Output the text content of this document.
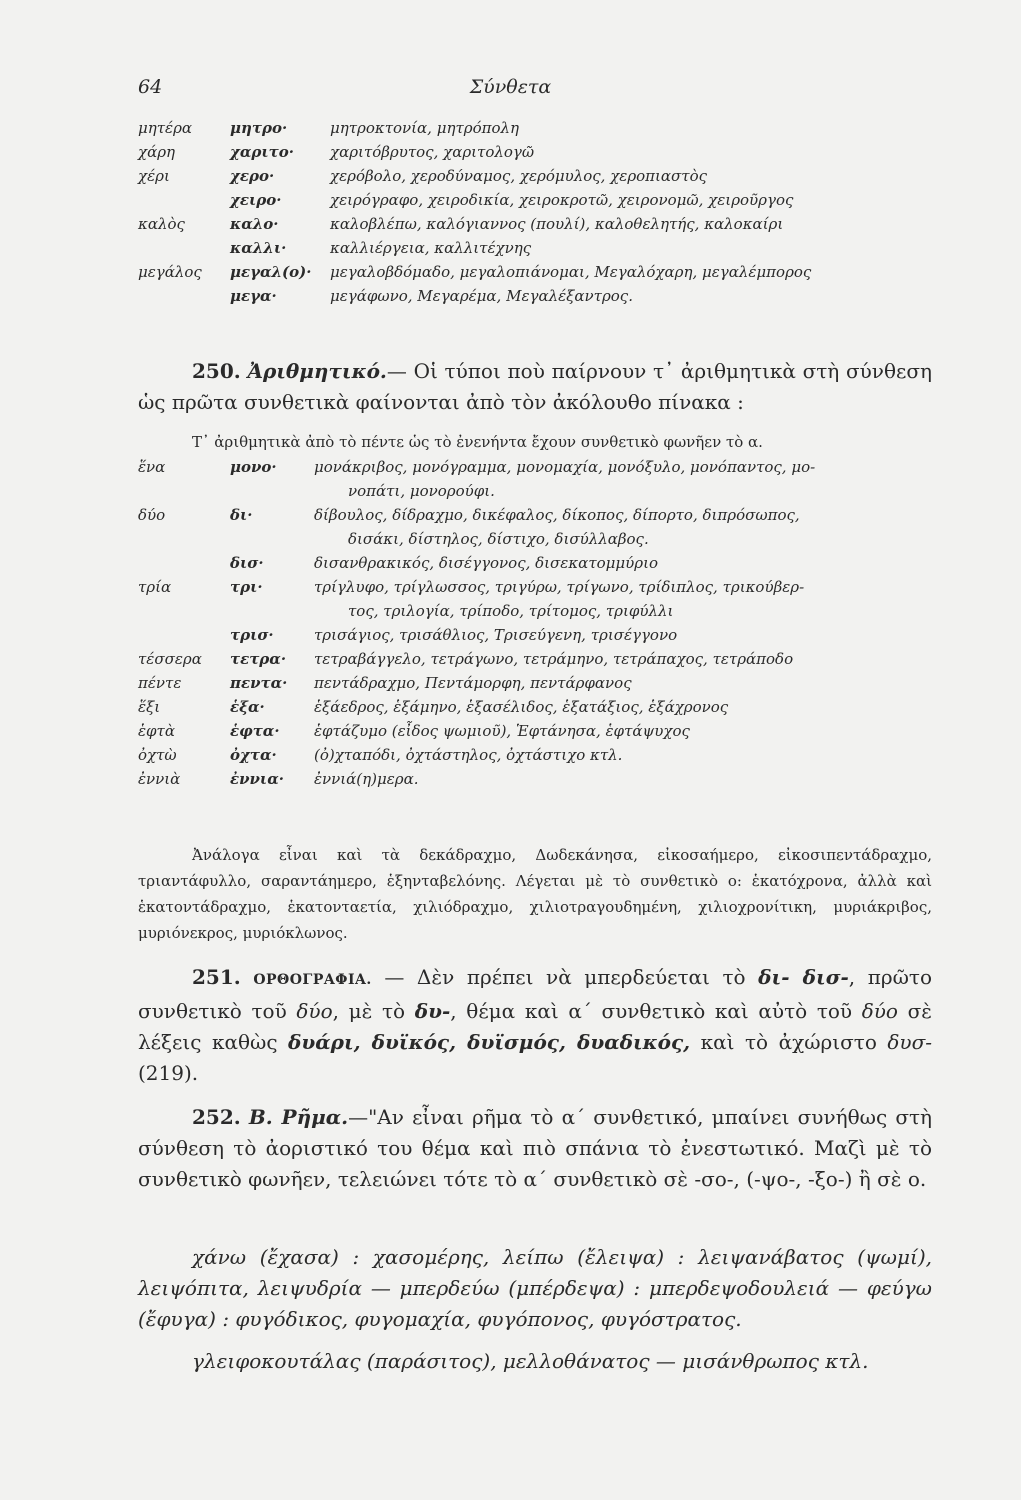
64	Σύνθετα
μητέρα	μητρο·	μητροκτονία, μητρόπολη
χάρη	χαριτο· χαριτόβρυτος, χαριτολογῶ
χέρι	χερο·	χερόβολο, χεροδύναμος, χερόμυλος, χεροπιαστὸς
χειρο·	χειρόγραφο, χειροδικία, χειροκροτῶ, χειρονομῶ, χειροῦργος
καλὸς	καλο·	καλοβλέπω, καλόγιαννος (πουλί), καλοθελητής, καλοκαίρι
καλλι·	καλλιέργεια, καλλιτέχνης
μεγάλος μεγαλ(ο)· μεγαλοβδόμαδο, μεγαλοπιάνομαι, Μεγαλόχαρη, μεγαλέμπορος
μεγα·	μεγάφωνο, Μεγαρέμα, Μεγαλέξαντρος.
250. Ἀριθμητικό.— Οἱ τύποι ποὺ παίρνουν τ᾿ ἀριθμητικὰ στὴ σύνθεση ὡς πρῶτα συνθετικὰ φαίνονται ἀπὸ τὸν ἀκόλουθο πίνακα :
Τ᾿ ἀριθμητικὰ ἀπὸ τὸ πέντε ὡς τὸ ἐνενήντα ἔχουν συνθετικὸ φωνῆεν τὸ α.
ἕνα	μονο· μονάκριβος, μονόγραμμα, μονομαχία, μονόξυλο, μονόπαντος, μο-
νοπάτι, μονορούφι.
δύο	δι·	δίβουλος, δίδραχμο, δικέφαλος, δίκοπος, δίπορτο, διπρόσωπος,
δισάκι, δίστηλος, δίστιχο, δισύλλαβος.
δισ·	δισανθρακικός, δισέγγονος, δισεκατομμύριο
τρία	τρι·	τρίγλυφο, τρίγλωσσος, τριγύρω, τρίγωνο, τρίδιπλος, τρικούβερ-
τος, τριλογία, τρίποδο, τρίτομος, τριφύλλι
τρισ·	τρισάγιος, τρισάθλιος, Τρισεύγενη, τρισέγγονο
τέσσερα τετρα· τετραβάγγελο, τετράγωνο, τετράμηνο, τετράπαχος, τετράποδο
πέντε	πεντα· πεντάδραχμο, Πεντάμορφη, πεντάρφανος
ἕξι	ἑξα·	ἑξάεδρος, ἑξάμηνο, ἑξασέλιδος, ἑξατάξιος, ἑξάχρονος
ἑφτὰ	ἑφτα· ἑφτάζυμο (εἶδος ψωμιοῦ), Ἑφτάνησα, ἑφτάψυχος
ὀχτὼ	ὀχτα· (ὀ)χταπόδι, ὀχτάστηλος, ὀχτάστιχο κτλ.
ἐννιὰ	ἐννια· ἐννιά(η)μερα.
Ἀνάλογα εἶναι καὶ τὰ δεκάδραχμο, Δωδεκάνησα, εἰκοσαήμερο, εἰκοσιπεντάδραχμο, τριαντάφυλλο, σαραντάημερο, ἑξηνταβελόνης. Λέγεται μὲ τὸ συνθετικὸ ο: ἑκατόχρονα, ἀλλὰ καὶ ἑκατοντάδραχμο, ἑκατονταετία, χιλιόδραχμο, χιλιοτραγουδημένη, χιλιοχρονίτικη, μυριάκριβος, μυριόνεκρος, μυριόκλωνος.
251. ΟΡΘΟΓΡΑΦΙΑ. — Δὲν πρέπει νὰ μπερδεύεται τὸ δι- δισ-, πρῶτο συνθετικὸ τοῦ δύο, μὲ τὸ δυ-, θέμα καὶ α΄ συνθετικὸ καὶ αὐτὸ τοῦ δύο σὲ λέξεις καθὼς δυάρι, δυϊκός, δυϊσμός, δυαδικός, καὶ τὸ ἀχώριστο δυσ- (219).
252. Β. Ρῆμα.—"Αν εἶναι ρῆμα τὸ α΄ συνθετικό, μπαίνει συνήθως στὴ σύνθεση τὸ ἀοριστικό του θέμα καὶ πιὸ σπάνια τὸ ἐνεστωτικό. Μαζὶ μὲ τὸ συνθετικὸ φωνῆεν, τελειώνει τότε τὸ α΄ συνθετικὸ σὲ -σο-, (-ψο-, -ξο-) ἢ σὲ ο.
χάνω (ἔχασα) : χασομέρης, λείπω (ἔλειψα) : λειψανάβατος (ψωμί), λειψόπιτα, λειψυδρία — μπερδεύω (μπέρδεψα) : μπερδεψοδουλειά — φεύγω (ἔφυγα) : φυγόδικος, φυγομαχία, φυγόπονος, φυγόστρατος.
γλειφοκουτάλας (παράσιτος), μελλοθάνατος — μισάνθρωπος κτλ.
